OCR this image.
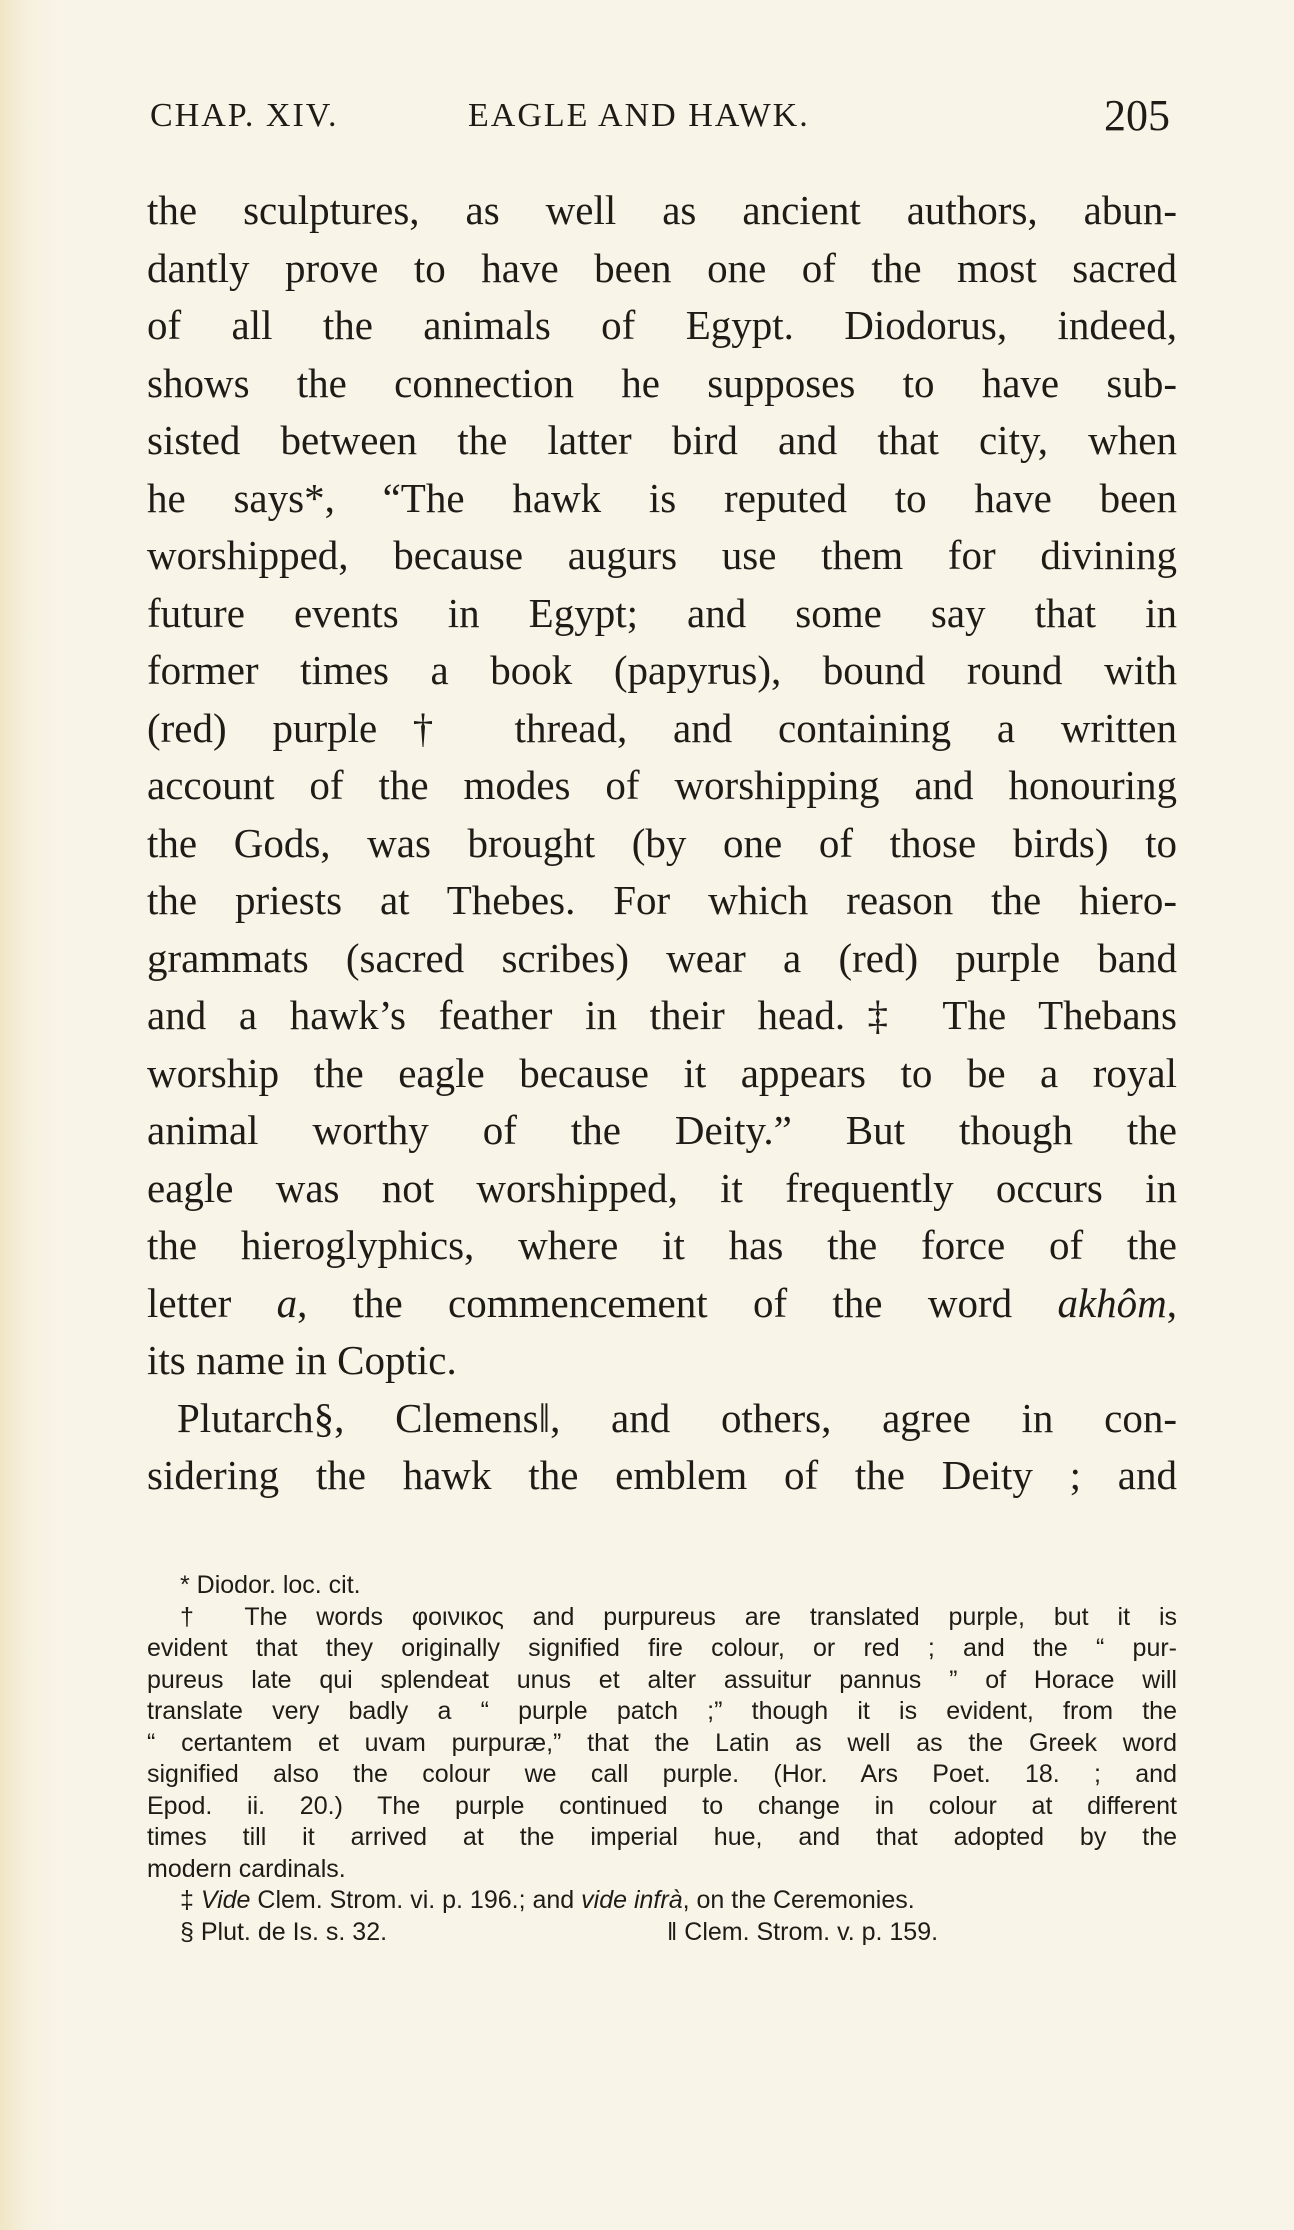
CHAP. XIV.	EAGLE AND HAWK.	205
the sculptures, as well as ancient authors, abun-
dantly prove to have been one of the most sacred
of all the animals of Egypt. Diodorus, indeed,
shows the connection he supposes to have sub-
sisted between the latter bird and that city, when
he says*, “The hawk is reputed to have been
worshipped, because augurs use them for divining
future events in Egypt; and some say that in
former times a book (papyrus), bound round with
(red) purple† thread, and containing a written
account of the modes of worshipping and honouring
the Gods, was brought (by one of those birds) to
the priests at Thebes. For which reason the hiero-
grammats (sacred scribes) wear a (red) purple band
and a hawk’s feather in their head.‡ The Thebans
worship the eagle because it appears to be a royal
animal worthy of the Deity.” But though the
eagle was not worshipped, it frequently occurs in
the hieroglyphics, where it has the force of the
letter a, the commencement of the word akhôm,
its name in Coptic.
Plutarch§, Clemens‖, and others, agree in con-
sidering the hawk the emblem of the Deity ; and
* Diodor. loc. cit.
† The words φοινικος and purpureus are translated purple, but it is
evident that they originally signified fire colour, or red ; and the “ pur-
pureus late qui splendeat unus et alter assuitur pannus ” of Horace will
translate very badly a “ purple patch ;” though it is evident, from the
“ certantem et uvam purpuræ,” that the Latin as well as the Greek word
signified also the colour we call purple. (Hor. Ars Poet. 18. ; and
Epod. ii. 20.) The purple continued to change in colour at different
times till it arrived at the imperial hue, and that adopted by the
modern cardinals.
‡ Vide Clem. Strom. vi. p. 196.; and vide infrà, on the Ceremonies.
§ Plut. de Is. s. 32.	‖ Clem. Strom. v. p. 159.
